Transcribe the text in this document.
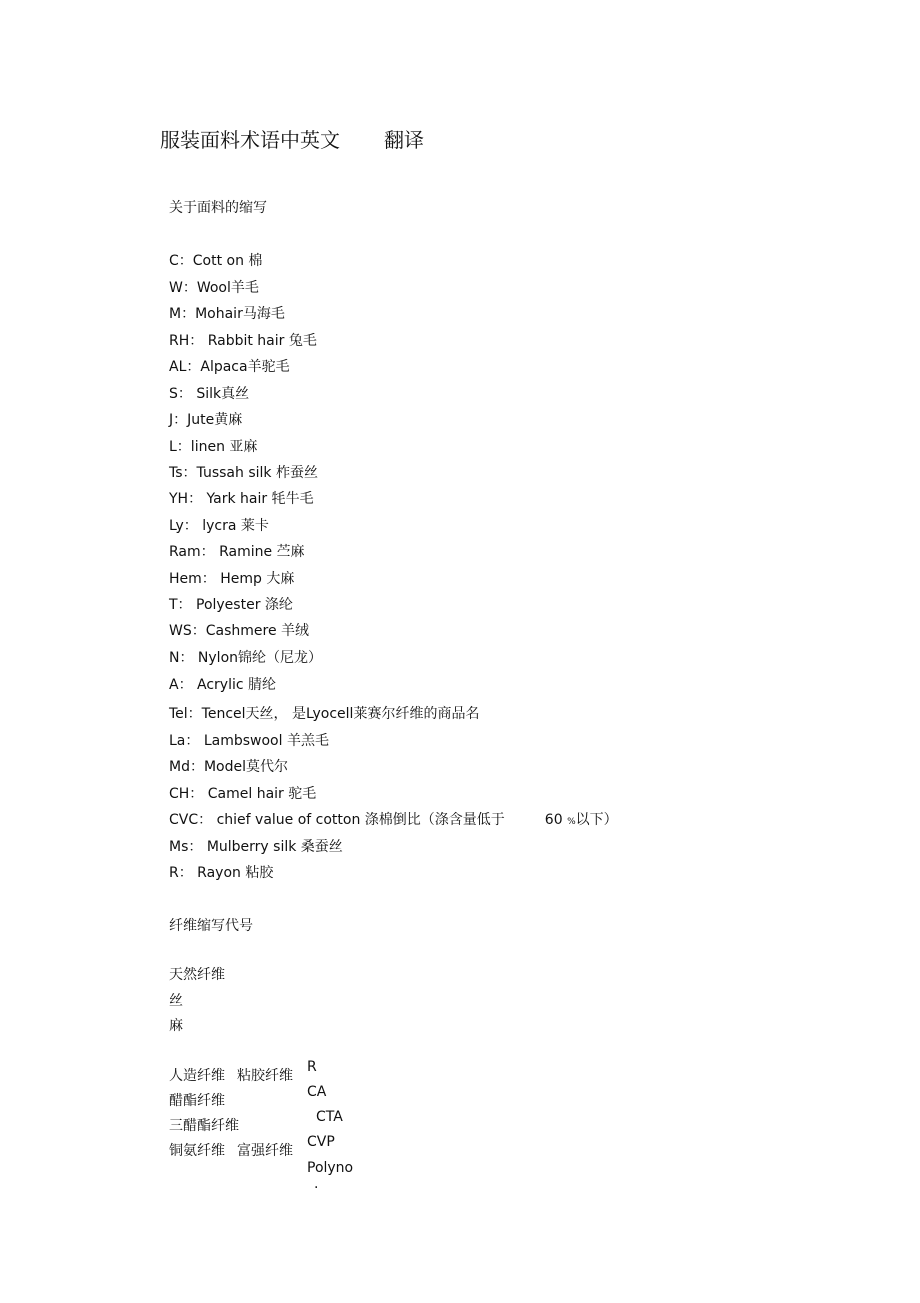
服装面料术语中英文 翻译
关于面料的缩写
C：Cott on 棉
W：Wool羊毛
M：Mohair马海毛
RH： Rabbit hair 兔毛
AL：Alpaca羊驼毛
S： Silk真丝
J：Jute黄麻
L：linen 亚麻
Ts：Tussah silk 柞蚕丝
YH： Yark hair 牦牛毛
Ly： lycra 莱卡
Ram： Ramine 苎麻
Hem： Hemp 大麻
T： Polyester 涤纶
WS：Cashmere 羊绒
N： Nylon锦纶（尼龙）
A： Acrylic 腈纶
Tel：Tencel天丝， 是Lyocell莱赛尔纤维的商品名
La： Lambswool 羊羔毛
Md：Model莫代尔
CH： Camel hair 驼毛
CVC： chief value of cotton 涤棉倒比（涤含量低于	60 %以下）
Ms： Mulberry silk 桑蚕丝
R： Rayon 粘胶
纤维缩写代号
天然纤维
丝
麻
人造纤维 粘胶纤维
醋酯纤维
三醋酯纤维
铜氨纤维 富强纤维
R
CA
CTA
CVP
Polyno
.
